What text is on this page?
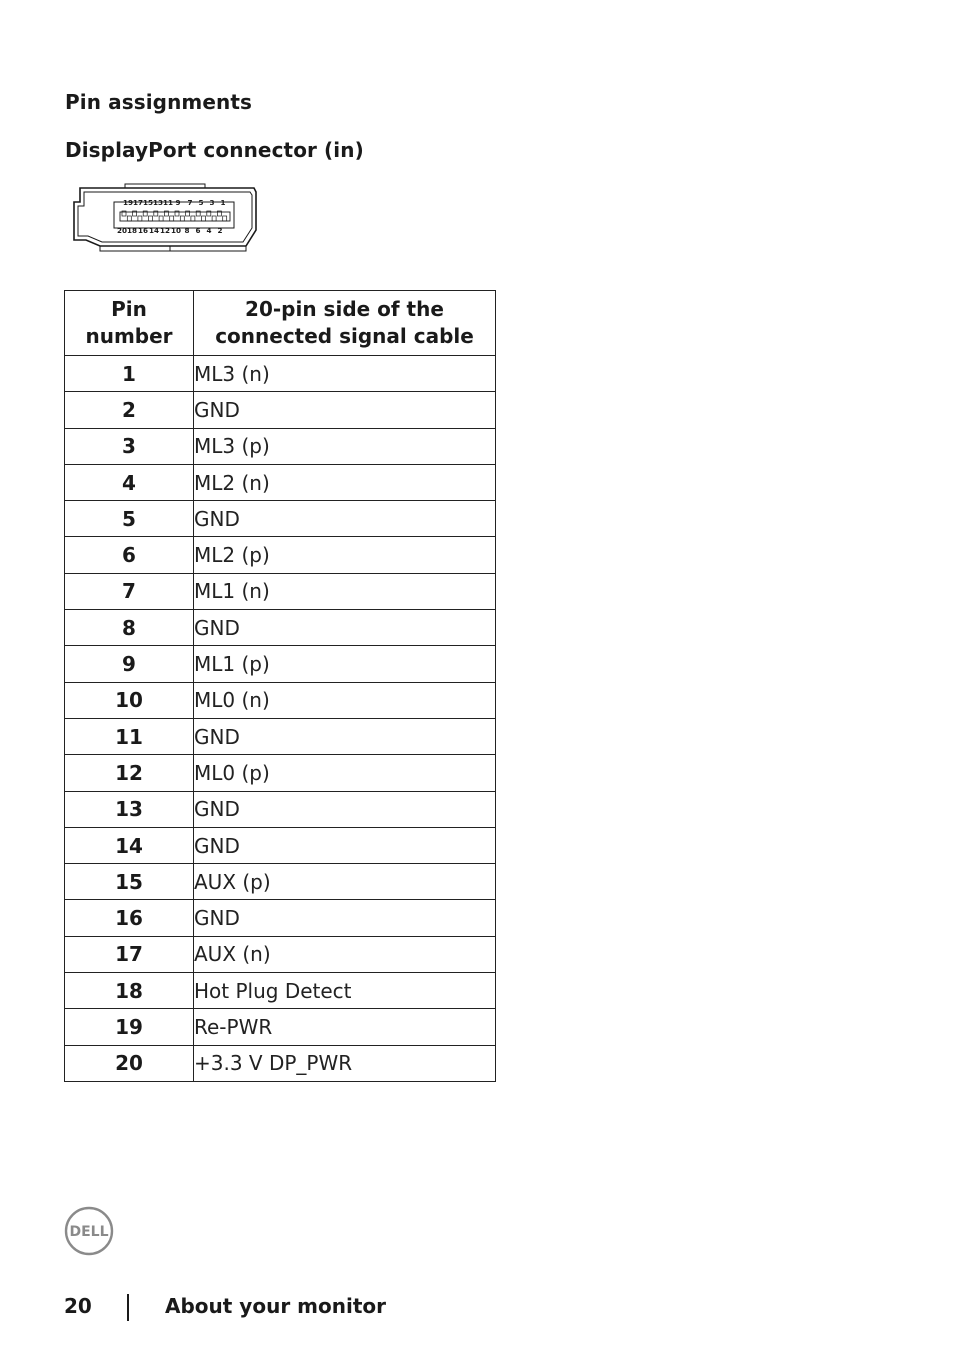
Pin assignments
DisplayPort connector (in)
19 17 15 13 11 9 7 5 3 1
20 18 16 14 12 10 8 6 4 2
Pin number	20-pin side of the connected signal cable
1	ML3 (n)
2	GND
3	ML3 (p)
4	ML2 (n)
5	GND
6	ML2 (p)
7	ML1 (n)
8	GND
9	ML1 (p)
10	ML0 (n)
11	GND
12	ML0 (p)
13	GND
14	GND
15	AUX (p)
16	GND
17	AUX (n)
18	Hot Plug Detect
19	Re-PWR
20	+3.3 V DP_PWR
DELL
20	About your monitor
